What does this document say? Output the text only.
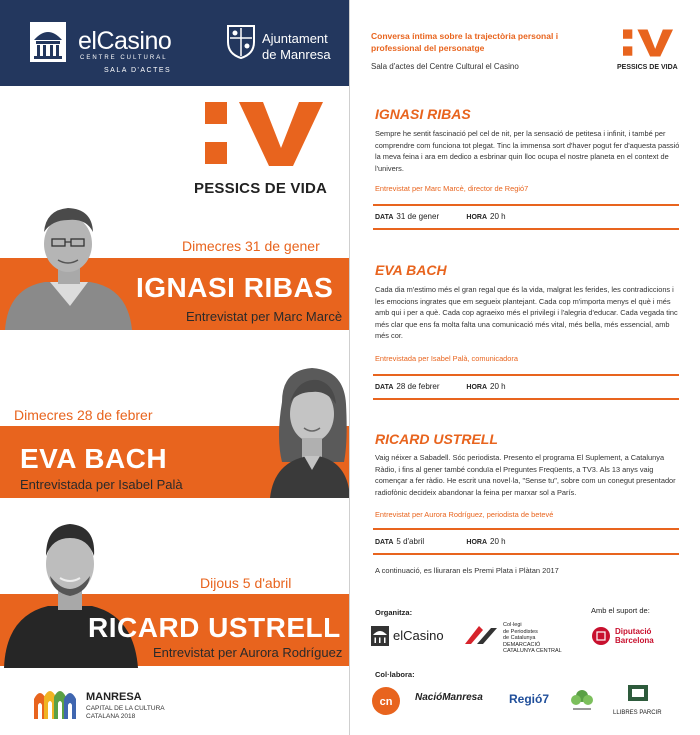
elCasino
CENTRE CULTURAL
SALA D'ACTES
Ajuntament
de Manresa
PESSICS DE VIDA
Dimecres 31 de gener
IGNASI RIBAS
Entrevistat per Marc Marcè
Dimecres 28 de febrer
EVA BACH
Entrevistada per Isabel Palà
Dijous 5 d'abril
RICARD USTRELL
Entrevistat per Aurora Rodríguez
MANRESA
CAPITAL DE LA CULTURA CATALANA 2018
Conversa íntima sobre la trajectòria personal i professional del personatge
Sala d'actes del Centre Cultural el Casino	PESSICS DE VIDA
IGNASI RIBAS
Sempre he sentit fascinació pel cel de nit, per la sensació de petitesa i infinit, i també per comprendre com funciona tot plegat. Tinc la immensa sort d'haver pogut fer d'aquesta passió la meva feina i ara em dedico a esbrinar quin lloc ocupa el nostre planeta en el context de l'univers.
Entrevistat per Marc Marcè, director de Regió7
DATA 31 de gener	HORA 20 h
EVA BACH
Cada dia m'estimo més el gran regal que és la vida, malgrat les ferides, les contradiccions i les emocions ingrates que em segueix plantejant. Cada cop m'importa menys el què i més amb qui i per a què. Cada cop agraeixo més el privilegi i l'alegria d'educar. Cada vegada tinc més clar que ens fa molta falta una comunicació més vital, més bella, més essencial, amb més cor.
Entrevistada per Isabel Palà, comunicadora
DATA 28 de febrer	HORA 20 h
RICARD USTRELL
Vaig néixer a Sabadell. Sóc periodista. Presento el programa El Suplement, a Catalunya Ràdio, i fins al gener també conduïa el Preguntes Freqüents, a TV3. Als 13 anys vaig començar a fer ràdio. He escrit una novel·la, "Sense tu", sobre com un conegut presentador radiofònic decideix abandonar la feina per marxar sol a París.
Entrevistat per Aurora Rodríguez, periodista de betevé
DATA 5 d'abril	HORA 20 h
A continuació, es lliuraran els Premi Plata i Plàtan 2017
Organitza:	Amb el suport de:
elCasino
Col·legi
de Periodistes
de Catalunya
DEMARCACIÓ
CATALUNYA CENTRAL
Diputació
Barcelona
Col·labora:
cn NacióManresa Regió7
LLIBRES PARCIR
